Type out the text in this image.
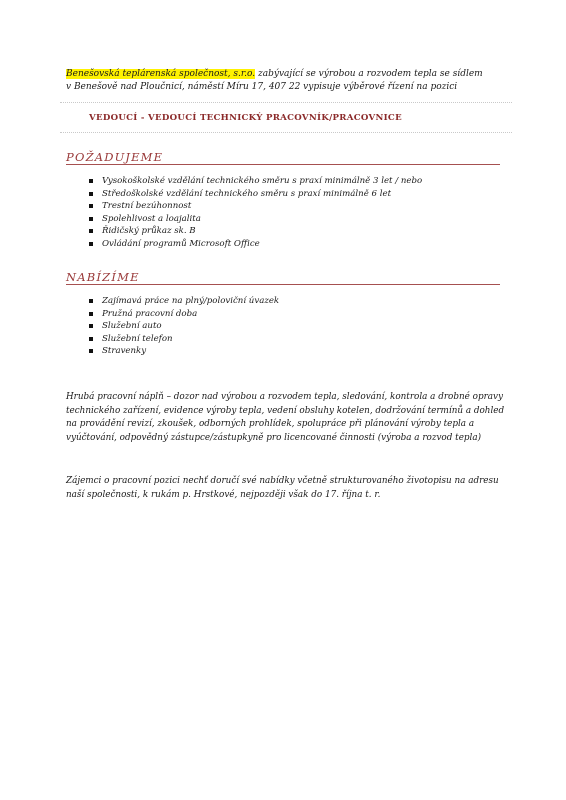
Benešovská teplárenská společnost, s.r.o. zabývající se výrobou a rozvodem tepla se sídlem
v Benešově nad Ploučnicí, náměstí Míru 17, 407 22 vypisuje výběrové řízení na pozici
VEDOUCÍ - VEDOUCÍ TECHNICKÝ PRACOVNÍK/PRACOVNICE
POŽADUJEME
Vysokoškolské vzdělání technického směru s praxí minimálně 3 let / nebo
Středoškolské vzdělání technického směru s praxí minimálně 6 let
Trestní bezúhonnost
Spolehlivost a loajalita
Řidičský průkaz sk. B
Ovládání programů Microsoft Office
NABÍZÍME
Zajímavá práce na plný/poloviční úvazek
Pružná pracovní doba
Služební auto
Služební telefon
Stravenky
Hrubá pracovní náplň – dozor nad výrobou a rozvodem tepla, sledování, kontrola a drobné opravy technického zařízení, evidence výroby tepla, vedení obsluhy kotelen, dodržování termínů a dohled na provádění revizí, zkoušek, odborných prohlídek, spolupráce při plánování výroby tepla a vyúčtování, odpovědný zástupce/zástupkyně pro licencované činnosti (výroba a rozvod tepla)
Zájemci o pracovní pozici nechť doručí své nabídky včetně strukturovaného životopisu na adresu naší společnosti, k rukám p. Hrstkové, nejpozději však do 17. října t. r.
